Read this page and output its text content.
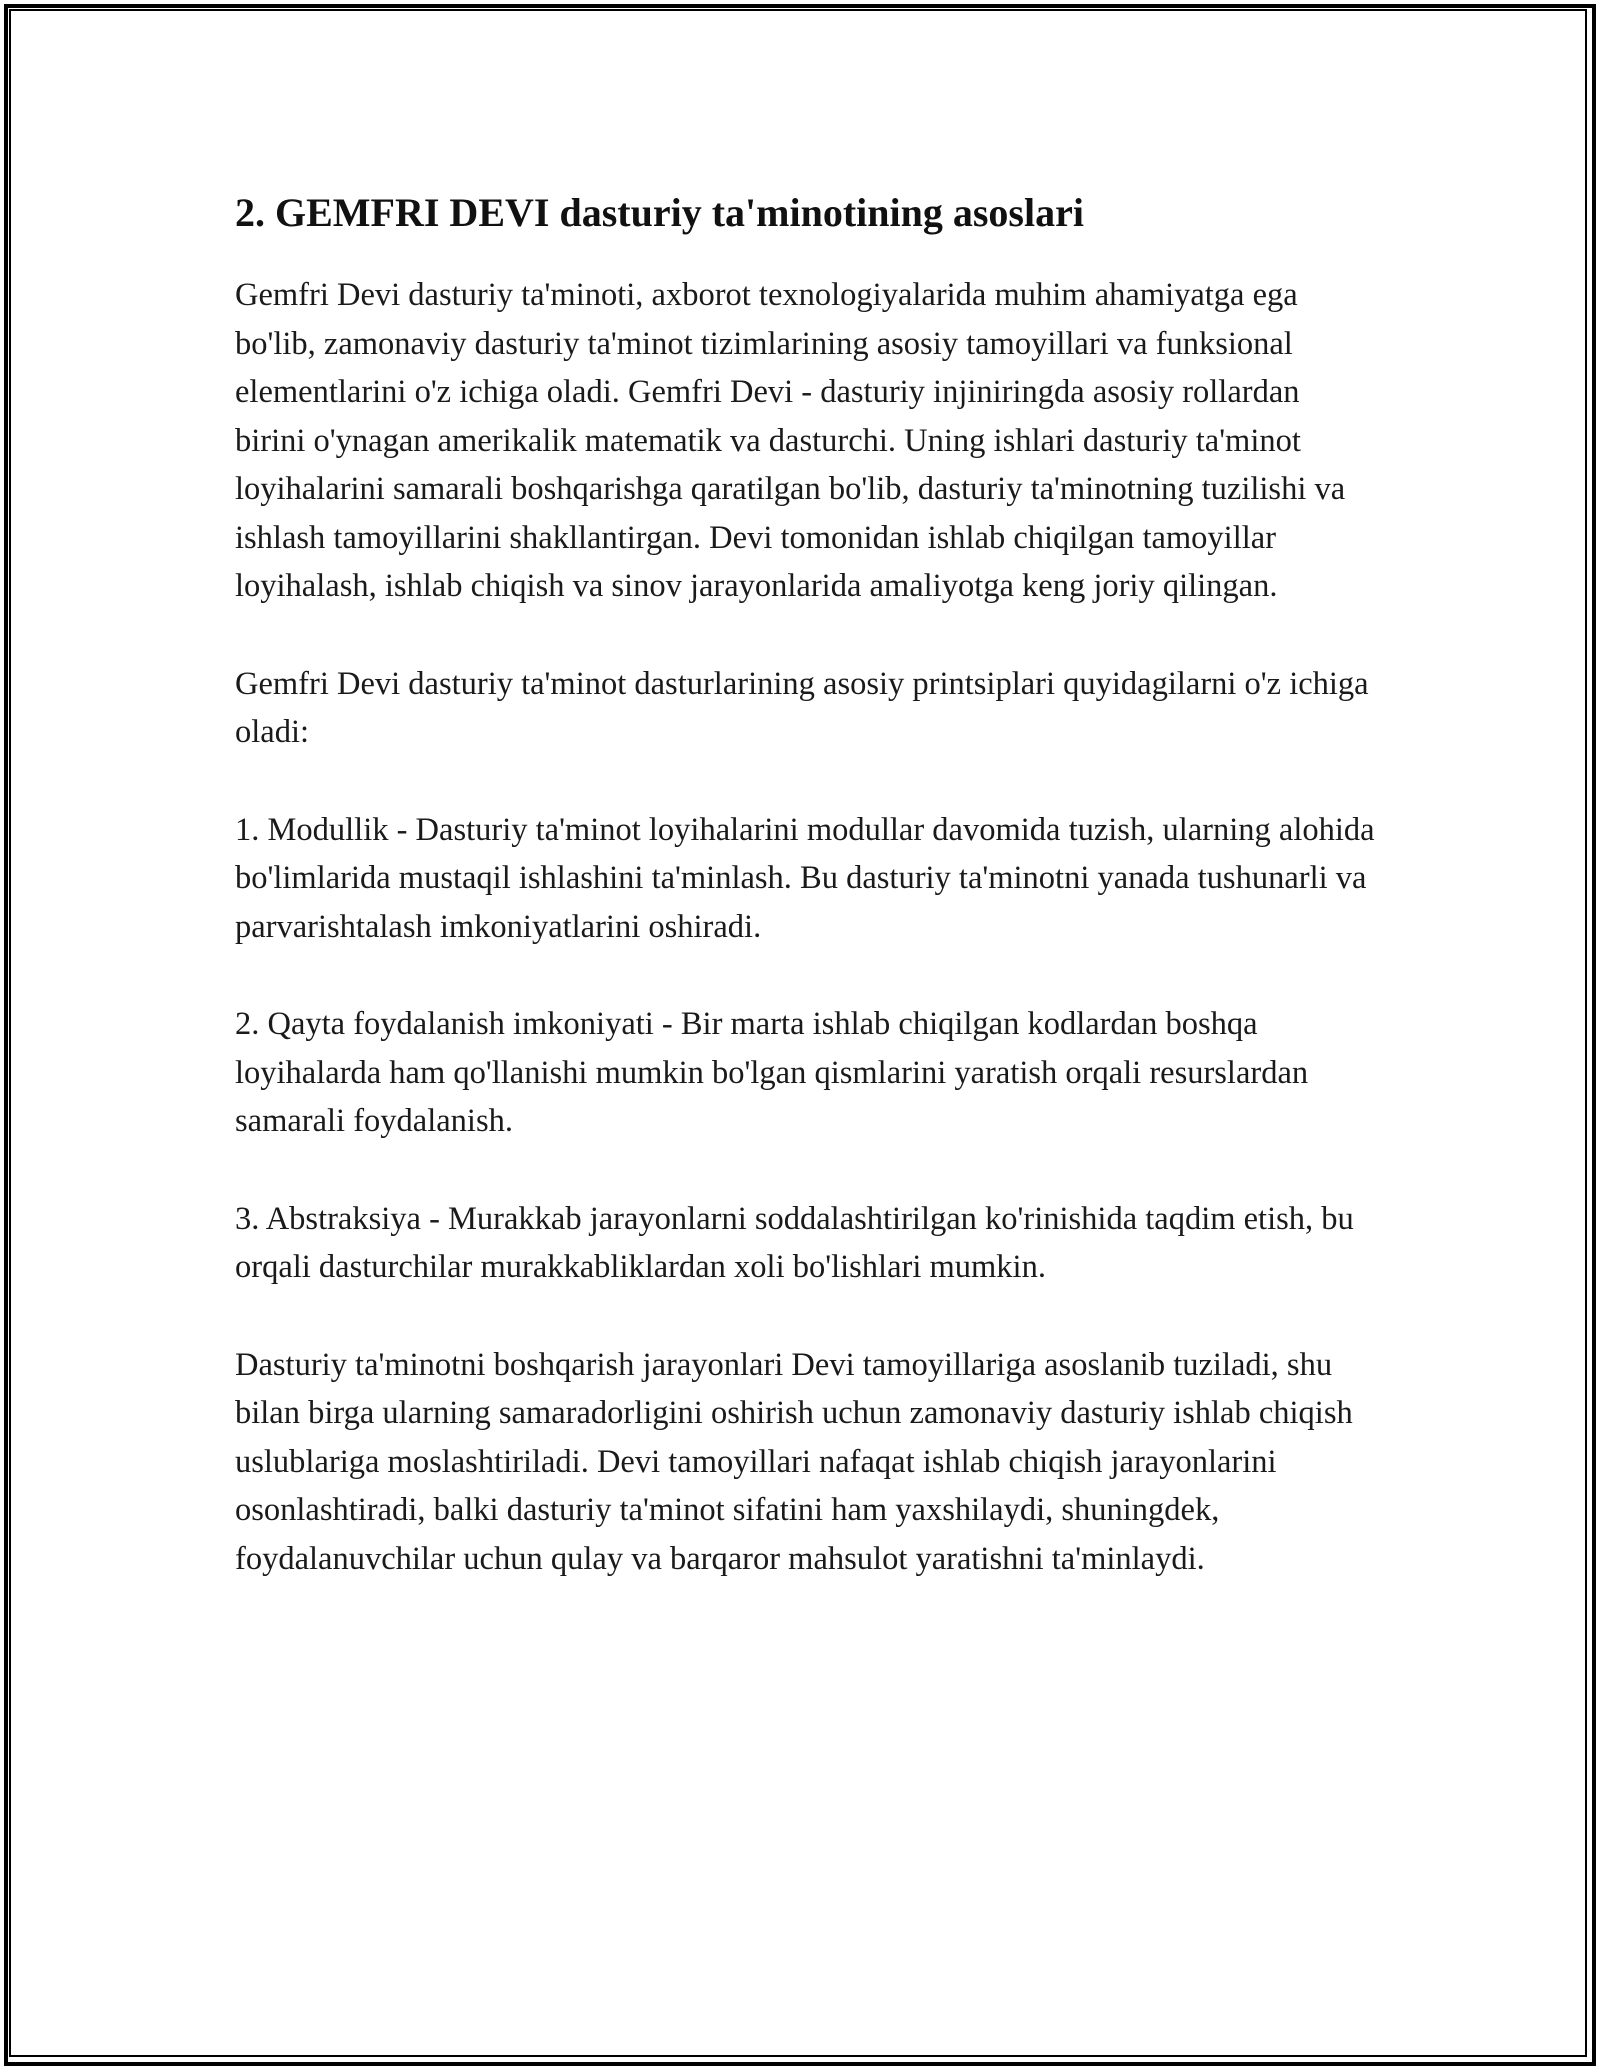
2. GEMFRI DEVI dasturiy ta'minotining asoslari

Gemfri Devi dasturiy ta'minoti, axborot texnologiyalarida muhim ahamiyatga ega bo'lib, zamonaviy dasturiy ta'minot tizimlarining asosiy tamoyillari va funksional elementlarini o'z ichiga oladi. Gemfri Devi - dasturiy injiniringda asosiy rollardan birini o'ynagan amerikalik matematik va dasturchi. Uning ishlari dasturiy ta'minot loyihalarini samarali boshqarishga qaratilgan bo'lib, dasturiy ta'minotning tuzilishi va ishlash tamoyillarini shakllantirgan. Devi tomonidan ishlab chiqilgan tamoyillar loyihalash, ishlab chiqish va sinov jarayonlarida amaliyotga keng joriy qilingan.

Gemfri Devi dasturiy ta'minot dasturlarining asosiy printsiplari quyidagilarni o'z ichiga oladi:

1. Modullik - Dasturiy ta'minot loyihalarini modullar davomida tuzish, ularning alohida bo'limlarida mustaqil ishlashini ta'minlash. Bu dasturiy ta'minotni yanada tushunarli va parvarishtalash imkoniyatlarini oshiradi.

2. Qayta foydalanish imkoniyati - Bir marta ishlab chiqilgan kodlardan boshqa loyihalarda ham qo'llanishi mumkin bo'lgan qismlarini yaratish orqali resurslardan samarali foydalanish.

3. Abstraksiya - Murakkab jarayonlarni soddalashtirilgan ko'rinishida taqdim etish, bu orqali dasturchilar murakkabliklardan xoli bo'lishlari mumkin.

Dasturiy ta'minotni boshqarish jarayonlari Devi tamoyillariga asoslanib tuziladi, shu bilan birga ularning samaradorligini oshirish uchun zamonaviy dasturiy ishlab chiqish uslublariga moslashtiriladi. Devi tamoyillari nafaqat ishlab chiqish jarayonlarini osonlashtiradi, balki dasturiy ta'minot sifatini ham yaxshilaydi, shuningdek, foydalanuvchilar uchun qulay va barqaror mahsulot yaratishni ta'minlaydi.
